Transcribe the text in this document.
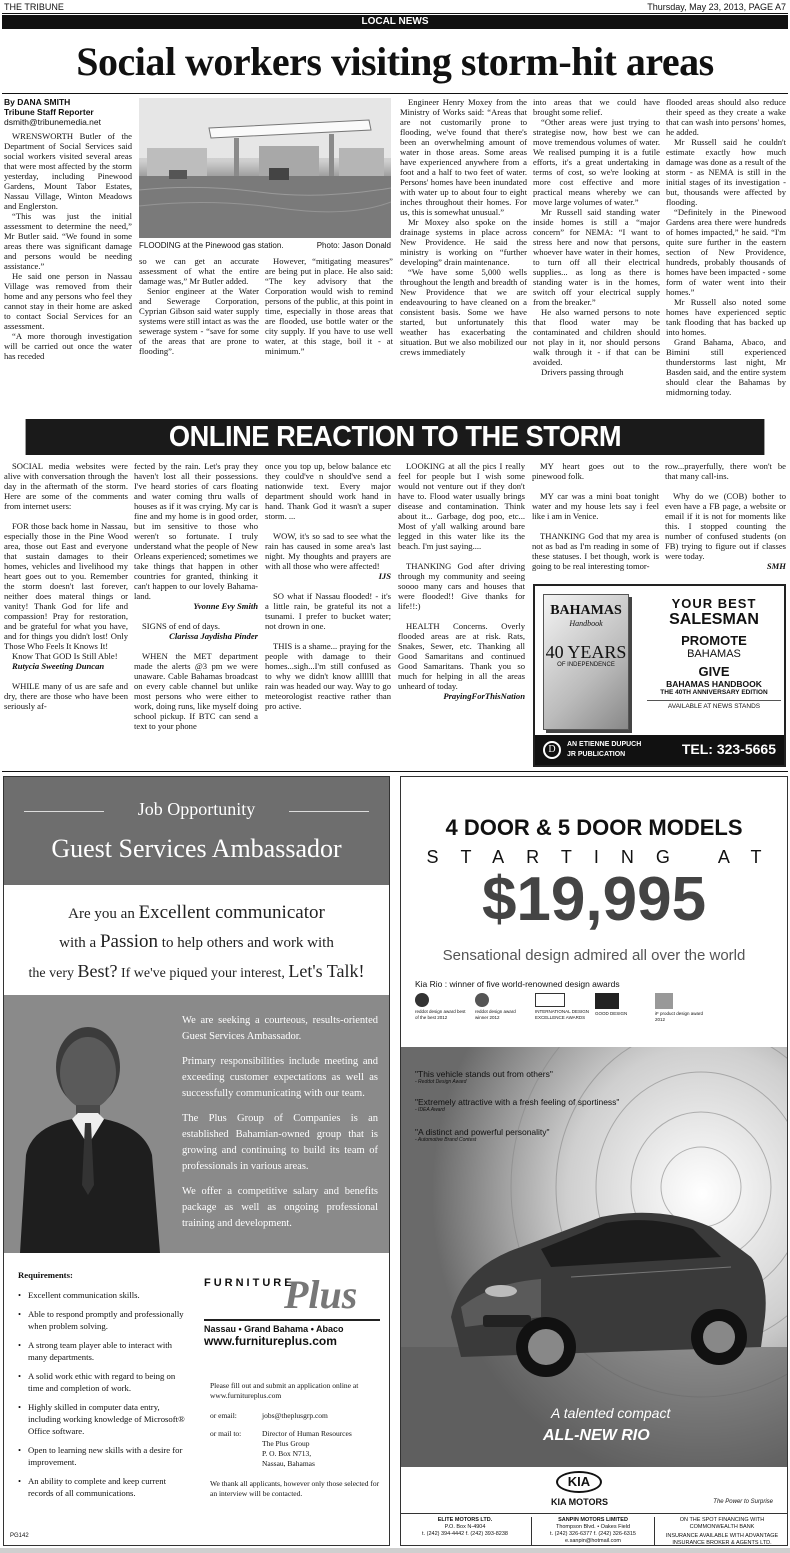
THE TRIBUNE	Thursday, May 23, 2013, PAGE A7
LOCAL NEWS
Social workers visiting storm-hit areas
By DANA SMITH
Tribune Staff Reporter
dsmith@tribunemedia.net
FLOODING at the Pinewood gas station.	Photo: Jason Donald

WRENSWORTH Butler of the Department of Social Services said social workers visited several areas that were most affected by the storm yesterday, including Pinewood Gardens, Mount Tabor Estates, Nassau Village, Winton Meadows and Englerston.

“This was just the initial assessment to determine the need,” Mr Butler said. “We found in some areas there was significant damage and persons would be needing assistance.”

He said one person in Nassau Village was removed from their home and any persons who feel they cannot stay in their home are asked to contact Social Services for an assessment.

“A more thorough investigation will be carried out once the water has receded

so we can get an accurate assessment of what the entire damage was,” Mr Butler added.

Senior engineer at the Water and Sewerage Corporation, Cyprian Gibson said water supply systems were still intact as was the sewerage system - “save for some of the areas that are prone to flooding”.

However, “mitigating measures” are being put in place. He also said: “The key advisory that the Corporation would wish to remind persons of the public, at this point in time, especially in those areas that are flooded, use bottle water or the city supply. If you have to use well water, at this stage, boil it - at minimum.”

Engineer Henry Moxey from the Ministry of Works said: “Areas that are not customarily prone to flooding, we've found that there's been an overwhelming amount of water in those areas. Some areas have experienced anywhere from a foot and a half to two feet of water. Persons' homes have been inundated with water up to about four to eight inches throughout their homes. For us, this is somewhat unusual.”

Mr Moxey also spoke on the drainage systems in place across New Providence. He said the ministry is working on “further developing” drain maintenance.

“We have some 5,000 wells throughout the length and breadth of New Providence that we are endeavouring to have cleaned on a consistent basis. Some we have started, but unfortunately this weather has exacerbating the situation. But we also mobilized our crews immediately

into areas that we could have brought some relief.

“Other areas were just trying to strategise now, how best we can move tremendous volumes of water. We realised pumping it is a futile efforts, it's a great undertaking in terms of cost, so we're looking at more cost effective and more practical means whereby we can move large volumes of water.”

Mr Russell said standing water inside homes is still a “major concern” for NEMA: “I want to stress here and now that persons, whoever have water in their homes, to turn off all their electrical supplies... as long as there is standing water is in the homes, switch off your electrical supply from the breaker.”

He also warned persons to note that flood water may be contaminated and children should not play in it, nor should persons walk through it - if that can be avoided.

Drivers passing through

flooded areas should also reduce their speed as they create a wake that can wash into persons' homes, he added.

Mr Russell said he couldn't estimate exactly how much damage was done as a result of the storm - as NEMA is still in the initial stages of its investigation - but, thousands were affected by flooding.

“Definitely in the Pinewood Gardens area there were hundreds of homes impacted,” he said. “I'm quite sure further in the eastern section of New Providence, hundreds, probably thousands of homes have been impacted - some form of water went into their homes.”

Mr Russell also noted some homes have experienced septic tank flooding that has backed up into homes.

Grand Bahama, Abaco, and Bimini still experienced thunderstorms last night, Mr Basden said, and the entire system should clear the Bahamas by midmorning today.

ONLINE REACTION TO THE STORM

SOCIAL media websites were alive with conversation through the day in the aftermath of the storm. Here are some of the comments from internet users:

FOR those back home in Nassau, especially those in the Pine Wood area, those out East and everyone that sustain damages to their homes, vehicles and livelihood my heart goes out to you. Remember the storm doesn't last forever, neither does materal things or vanity! Thank God for life and compassion! Pray for restoration, and be grateful for what you have, and for things you didn't lost! Only Those Who Feels It Knows It!

Know That GOD Is Still Able!

Rutycia Sweeting Duncan

WHILE many of us are safe and dry, there are those who have been seriously af-

fected by the rain. Let's pray they haven't lost all their possessions. I've heard stories of cars floating and water coming thru walls of houses as if it was crying. My car is fine and my home is in good order, but im sensitive to those who weren't so fortunate. I truly understand what the people of New Orleans experienced; sometimes we take things that happen in other countries for granted, thinking it can't happen to our lovely Bahama-land.

Yvonne Evy Smith

SIGNS of end of days.

Clarissa Jaydisha Pinder

WHEN the MET department made the alerts @3 pm we were unaware. Cable Bahamas broadcast on every cable channel but unlike most persons who were either to work, doing runs, like myself doing school pickup. If BTC can send a text to your phone

once you top up, below balance etc they could've n should've send a nationwide text. Every major department should work hand in hand. Thank God it wasn't a super storm. ...

WOW, it's so sad to see what the rain has caused in some area's last night. My thoughts and prayers are with all those who were affected!

IJS

SO what if Nassau flooded! - it's a little rain, be grateful its not a tsunami. I prefer to bucket water; not drown in one.

THIS is a shame... praying for the people with damage to their homes...sigh...I'm still confused as to why we didn't know allllll that rain was headed our way. Way to go meteorologist reactive rather than pro active.

LOOKING at all the pics I really feel for people but I wish some would not venture out if they don't have to. Flood water usually brings disease and contamination. Think about it... Garbage, dog poo, etc... Most of y'all walking around bare legged in this water like its the beach. I'm just saying....

THANKING God after driving through my community and seeing soooo many cars and houses that were flooded!! Give thanks for life!!:)

HEALTH Concerns. Overly flooded areas are at risk. Rats, Snakes, Sewer, etc. Thanking all Good Samaritans and continued Good Samaritans. Thank you so much for helping in all the areas unheard of today.

PrayingForThisNation

MY heart goes out to the pinewood folk.

MY car was a mini boat tonight water and my house lets say i feel like i am in Venice.

THANKING God that my area is not as bad as I'm reading in some of these statuses. I bet though, work is going to be real interesting tomor-

row...prayerfully, there won't be that many call-ins.

Why do we (COB) bother to even have a FB page, a website or email if it is not for moments like this. I stopped counting the number of confused students (on FB) trying to figure out if classes were today.

SMH
BAHAMAS
Handbook
40 YEARS
OF INDEPENDENCE
YOUR BEST
SALESMAN
PROMOTE
BAHAMAS
GIVE
BAHAMAS HANDBOOK
THE 40TH ANNIVERSARY EDITION
AVAILABLE AT NEWS STANDS
D	AN ETIENNE DUPUCH
JR PUBLICATION	TEL: 323-5665
Job Opportunity
Guest Services Ambassador
Are you an Excellent communicator
with a Passion to help others and work with
the very Best? If we've piqued your interest, Let's Talk!

We are seeking a courteous, results-oriented Guest Services Ambassador.

Primary responsibilities include meeting and exceeding customer expectations as well as successfully communicating with our team.

The Plus Group of Companies is an established Bahamian-owned group that is growing and continuing to build its team of professionals in various areas.

We offer a competitive salary and benefits package as well as ongoing professional training and development.

Requirements:
• Excellent communication skills.
• Able to respond promptly and professionally when problem solving.
• A strong team player able to interact with many departments.
• A solid work ethic with regard to being on time and completion of work.
• Highly skilled in computer data entry, including working knowledge of Microsoft® Office software.
• Open to learning new skills with a desire for improvement.
• An ability to complete and keep current records of all communications.
FURNITURE
Plus
Nassau • Grand Bahama • Abaco
www.furnitureplus.com
Please fill out and submit an application online at www.furnitureplus.com
or email:	jobs@theplusgrp.com
or mail to:	Director of Human Resources
The Plus Group
P. O. Box N713,
Nassau, Bahamas
We thank all applicants, however only those selected for an interview will be contacted.
PG142
4 DOOR & 5 DOOR MODELS
STARTING AT
$19,995
Sensational design admired all over the world
Kia Rio : winner of five world-renowned design awards
reddot design award best of the best 2012
reddot design award winner 2012
INTERNATIONAL DESIGN EXCELLENCE AWARDS
GOOD DESIGN	iF product design award 2012
"This vehicle stands out from others"
- Reddot Design Award
"Extremely attractive with a fresh feeling of sportiness"
- IDEA Award
"A distinct and powerful personality"
- Automotive Brand Contest
A talented compact
ALL-NEW RIO
KIA
KIA MOTORS	The Power to Surprise
ELITE MOTORS LTD.
P.O. Box N-4904
t. (242) 394-4442 f. (242) 393-8238
SANPIN MOTORS LIMITED
Thompson Blvd. • Oakes Field
t. (242) 326-6377 f. (242) 326-6315
e.sanpin@hotmail.com
ON THE SPOT FINANCING WITH COMMONWEALTH BANK
INSURANCE AVAILABLE WITH ADVANTAGE INSURANCE BROKER & AGENTS LTD.
